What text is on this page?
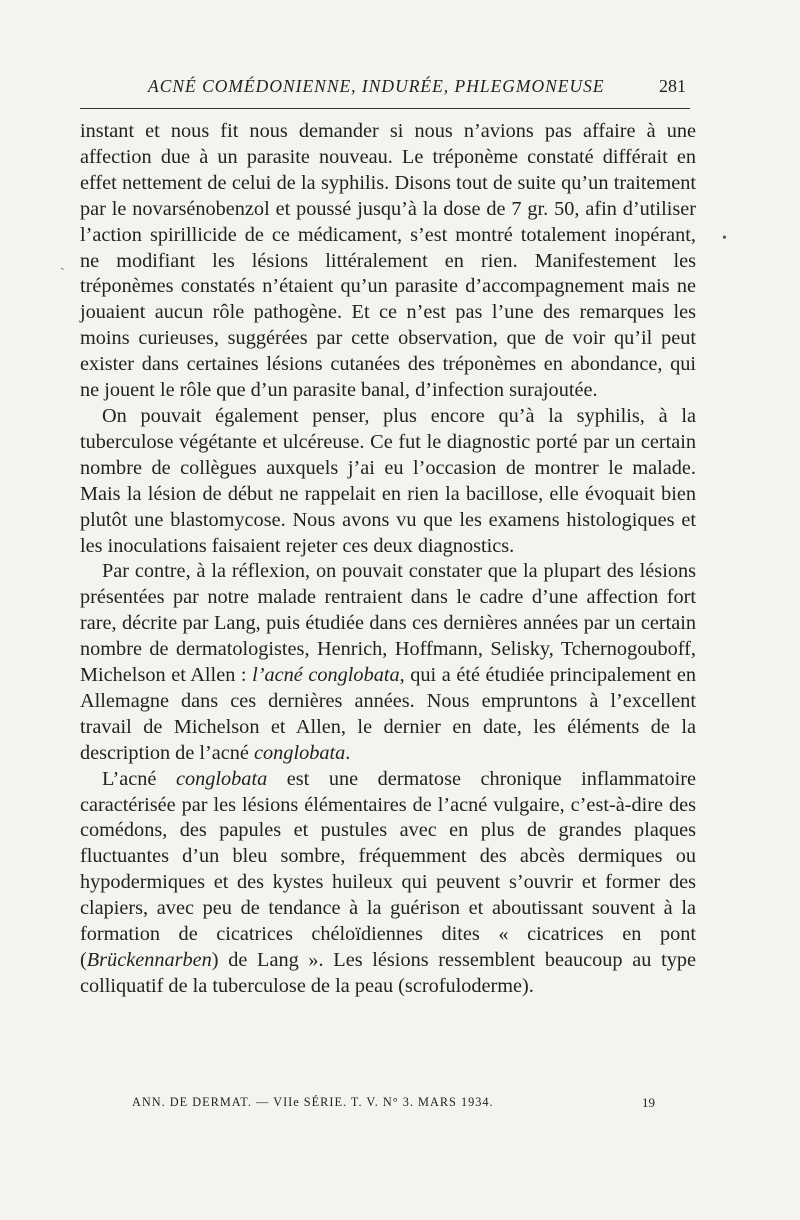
ACNÉ COMÉDONIENNE, INDURÉE, PHLEGMONEUSE	281

instant et nous fit nous demander si nous n’avions pas affaire à une affection due à un parasite nouveau. Le tréponème constaté différait en effet nettement de celui de la syphilis. Disons tout de suite qu’un traitement par le novarsénobenzol et poussé jusqu’à la dose de 7 gr. 50, afin d’utiliser l’action spirillicide de ce médicament, s’est montré totalement inopérant, ne modifiant les lésions littéralement en rien. Manifestement les tréponèmes constatés n’étaient qu’un parasite d’accompagnement mais ne jouaient aucun rôle pathogène. Et ce n’est pas l’une des remarques les moins curieuses, suggérées par cette observation, que de voir qu’il peut exister dans certaines lésions cutanées des tréponèmes en abondance, qui ne jouent le rôle que d’un parasite banal, d’infection surajoutée.

On pouvait également penser, plus encore qu’à la syphilis, à la tuberculose végétante et ulcéreuse. Ce fut le diagnostic porté par un certain nombre de collègues auxquels j’ai eu l’occasion de montrer le malade. Mais la lésion de début ne rappelait en rien la bacillose, elle évoquait bien plutôt une blastomycose. Nous avons vu que les examens histologiques et les inoculations faisaient rejeter ces deux diagnostics.

Par contre, à la réflexion, on pouvait constater que la plupart des lésions présentées par notre malade rentraient dans le cadre d’une affection fort rare, décrite par Lang, puis étudiée dans ces dernières années par un certain nombre de dermatologistes, Henrich, Hoffmann, Selisky, Tchernogouboff, Michelson et Allen : l’acné conglobata, qui a été étudiée principalement en Allemagne dans ces dernières années. Nous empruntons à l’excellent travail de Michelson et Allen, le dernier en date, les éléments de la description de l’acné conglobata.

L’acné conglobata est une dermatose chronique inflammatoire caractérisée par les lésions élémentaires de l’acné vulgaire, c’est-à-dire des comédons, des papules et pustules avec en plus de grandes plaques fluctuantes d’un bleu sombre, fréquemment des abcès dermiques ou hypodermiques et des kystes huileux qui peuvent s’ouvrir et former des clapiers, avec peu de tendance à la guérison et aboutissant souvent à la formation de cicatrices chéloïdiennes dites « cicatrices en pont (Brückennarben) de Lang ». Les lésions ressemblent beaucoup au type colliquatif de la tuberculose de la peau (scrofuloderme).

ANN. DE DERMAT. — VIIe SÉRIE. T. V. N° 3. MARS 1934.	19
•
ˎ
